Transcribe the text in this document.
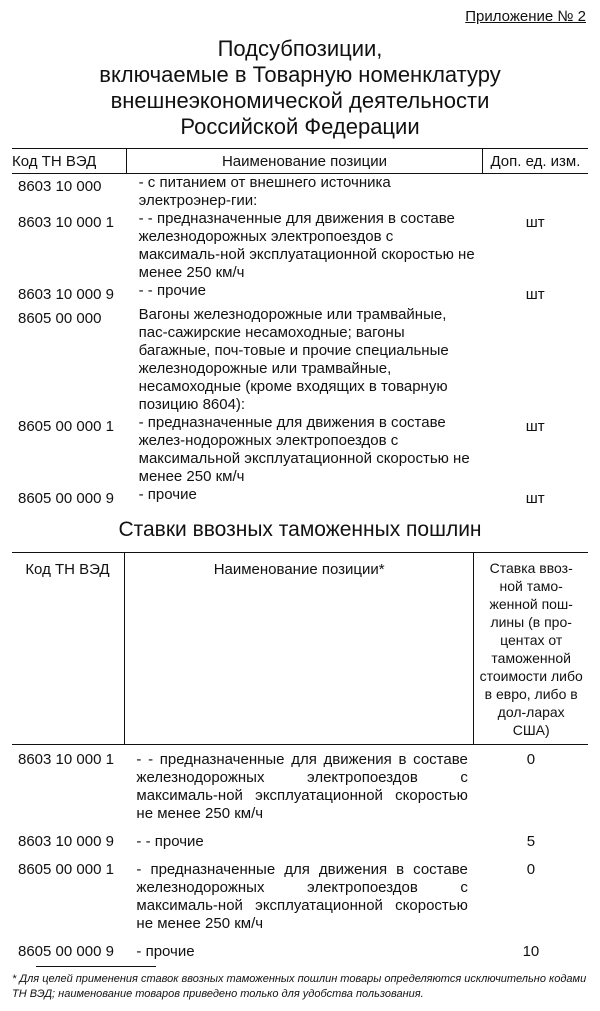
Приложение № 2
Подсубпозиции,
включаемые в Товарную номенклатуру
внешнеэкономической деятельности
Российской Федерации
Код ТН ВЭД	Наименование позиции	Доп. ед. изм.
8603 10 000	- с питанием от внешнего источника электроэнер-гии:	
8603 10 000 1	- - предназначенные для движения в составе железнодорожных электропоездов с максималь-ной эксплуатационной скоростью не менее 250 км/ч	шт
8603 10 000 9	- - прочие	шт
8605 00 000	Вагоны железнодорожные или трамвайные, пас-сажирские несамоходные; вагоны багажные, поч-товые и прочие специальные железнодорожные или трамвайные, несамоходные (кроме входящих в товарную позицию 8604):	
8605 00 000 1	- предназначенные для движения в составе желез-нодорожных электропоездов с максимальной эксплуатационной скоростью не менее 250 км/ч	шт
8605 00 000 9	- прочие	шт
Ставки ввозных таможенных пошлин
Код ТН ВЭД	Наименование позиции*	Ставка ввоз-ной тамо-женной пош-лины (в про-центах от таможенной стоимости либо в евро, либо в дол-ларах США)
8603 10 000 1	- - предназначенные для движения в составе железнодорожных электропоездов с максималь-ной эксплуатационной скоростью не менее 250 км/ч	0
8603 10 000 9	- - прочие	5
8605 00 000 1	- предназначенные для движения в составе железнодорожных электропоездов с максималь-ной эксплуатационной скоростью не менее 250 км/ч	0
8605 00 000 9	- прочие	10
* Для целей применения ставок ввозных таможенных пошлин товары определяются исключительно кодами ТН ВЭД; наименование товаров приведено только для удобства пользования.
